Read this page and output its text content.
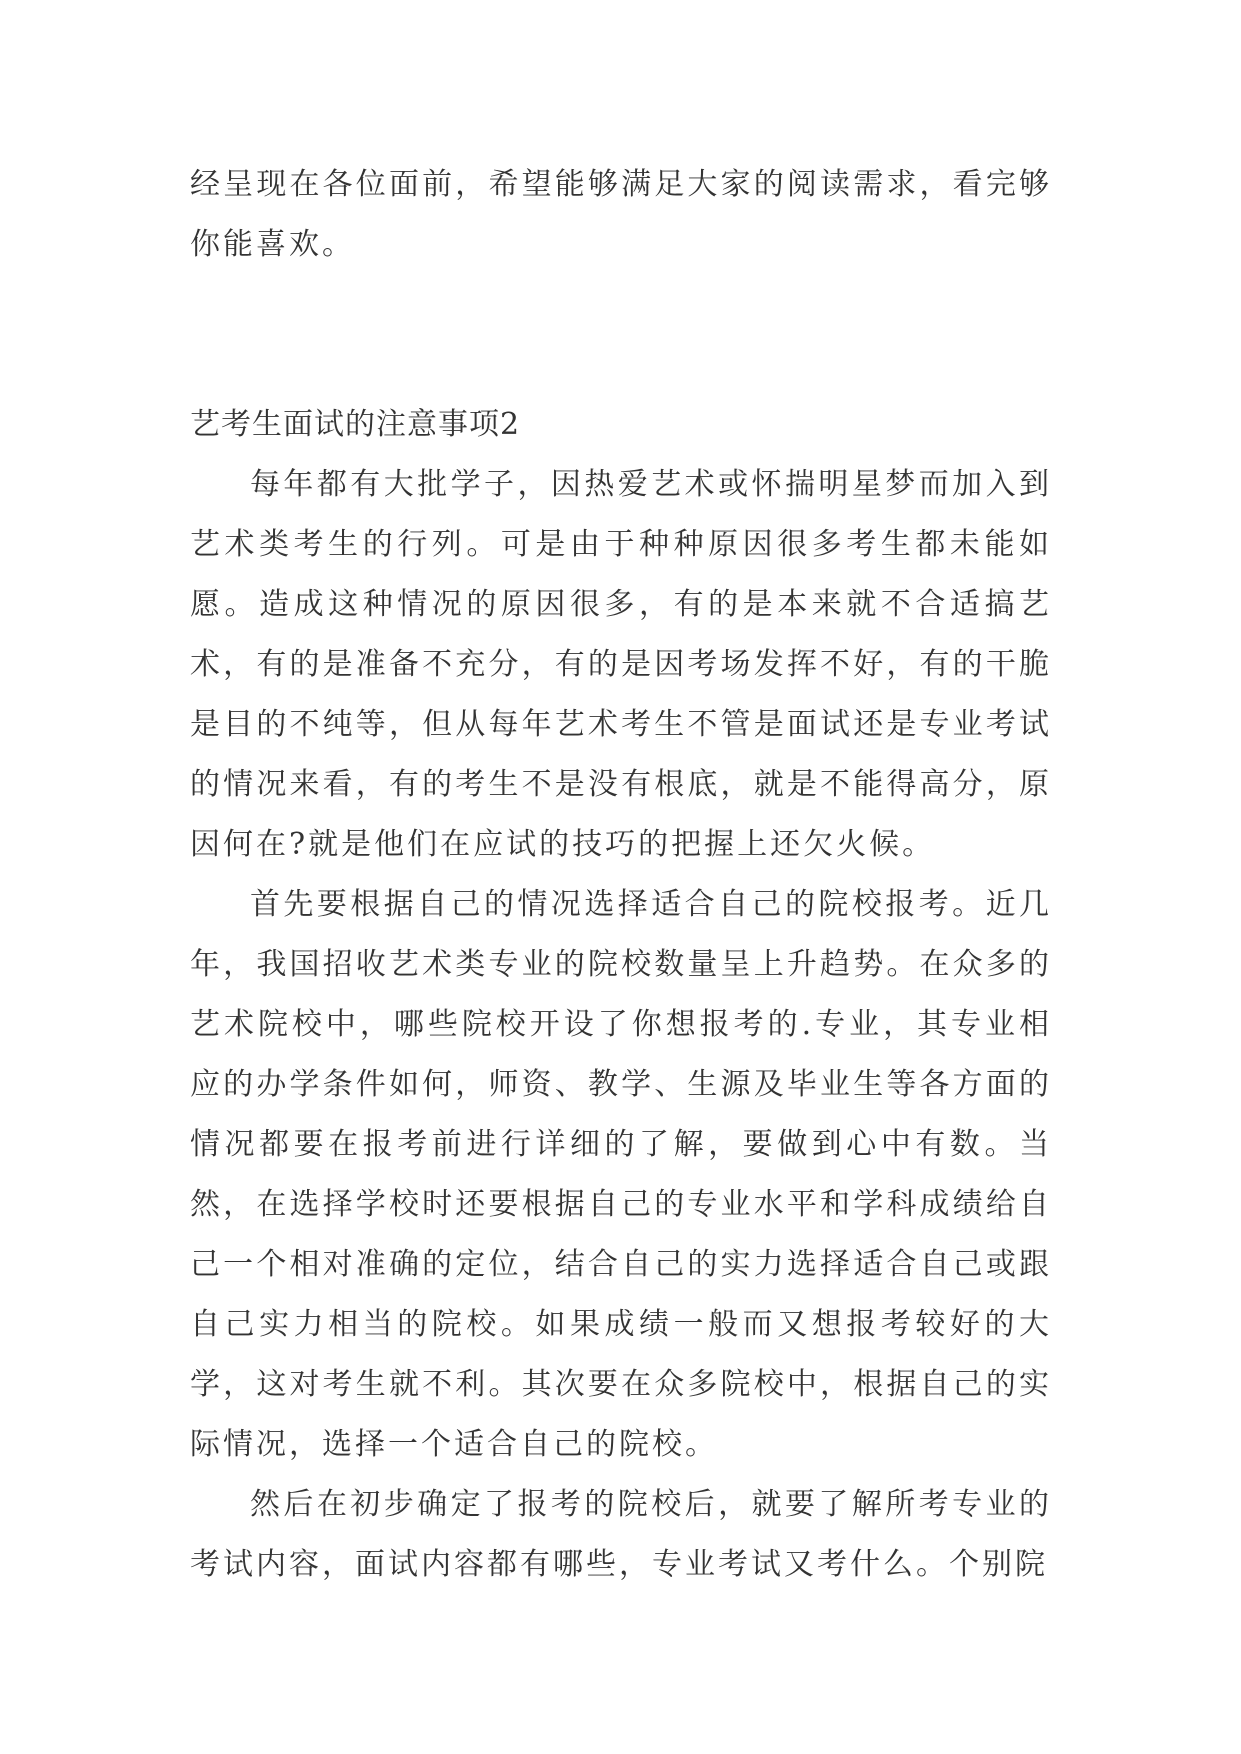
经呈现在各位面前，希望能够满足大家的阅读需求，看完够你能喜欢。

艺考生面试的注意事项2

每年都有大批学子，因热爱艺术或怀揣明星梦而加入到艺术类考生的行列。可是由于种种原因很多考生都未能如愿。造成这种情况的原因很多，有的是本来就不合适搞艺术，有的是准备不充分，有的是因考场发挥不好，有的干脆是目的不纯等，但从每年艺术考生不管是面试还是专业考试的情况来看，有的考生不是没有根底，就是不能得高分，原因何在?就是他们在应试的技巧的把握上还欠火候。

首先要根据自己的情况选择适合自己的院校报考。近几年，我国招收艺术类专业的院校数量呈上升趋势。在众多的艺术院校中，哪些院校开设了你想报考的.专业，其专业相应的办学条件如何，师资、教学、生源及毕业生等各方面的情况都要在报考前进行详细的了解，要做到心中有数。当然，在选择学校时还要根据自己的专业水平和学科成绩给自己一个相对准确的定位，结合自己的实力选择适合自己或跟自己实力相当的院校。如果成绩一般而又想报考较好的大学，这对考生就不利。其次要在众多院校中，根据自己的实际情况，选择一个适合自己的院校。

然后在初步确定了报考的院校后，就要了解所考专业的考试内容，面试内容都有哪些，专业考试又考什么。个别院
